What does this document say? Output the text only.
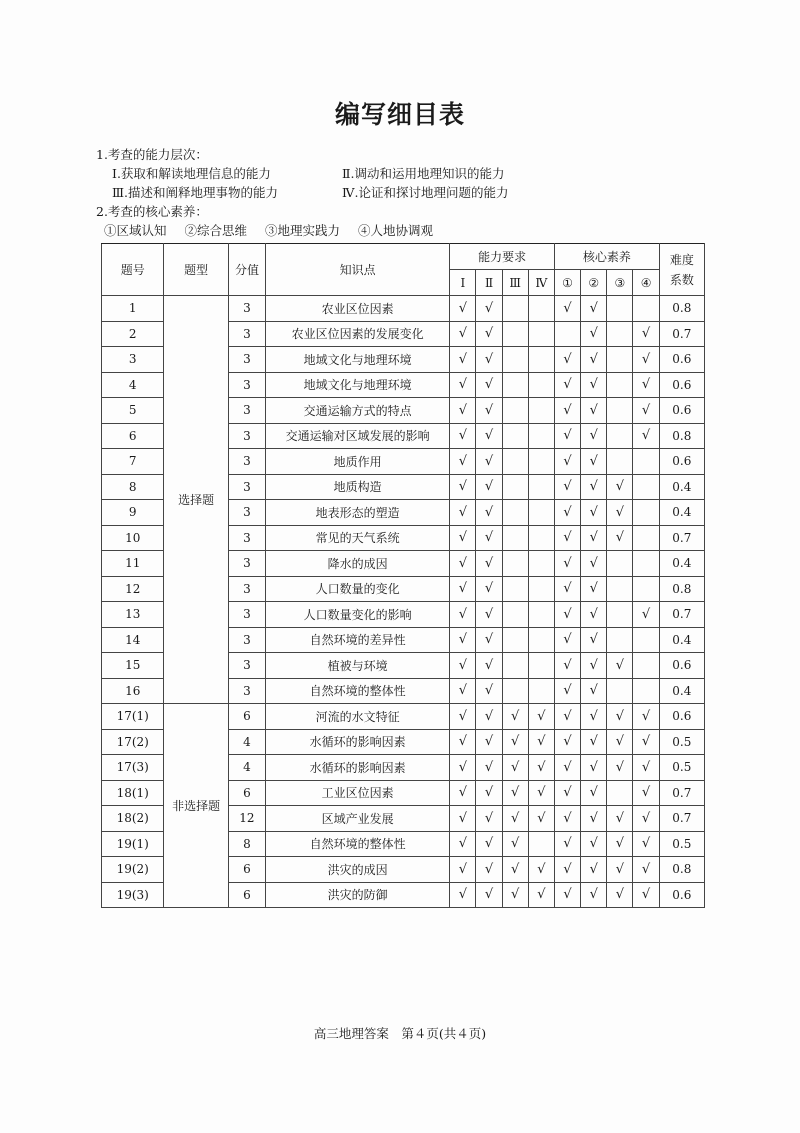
编写细目表
1.考查的能力层次：
Ⅰ.获取和解读地理信息的能力	Ⅱ.调动和运用地理知识的能力
Ⅲ.描述和阐释地理事物的能力	Ⅳ.论证和探讨地理问题的能力
2.考查的核心素养：
①区域认知 ②综合思维 ③地理实践力 ④人地协调观
题号	题型	分值	知识点	能力要求				核心素养				难度系数
				Ⅰ	Ⅱ	Ⅲ	Ⅳ	①	②	③	④	
1	选择题	3	农业区位因素	√	√			√	√			0.8
2		3	农业区位因素的发展变化	√	√				√		√	0.7
3		3	地域文化与地理环境	√	√			√	√		√	0.6
4		3	地域文化与地理环境	√	√			√	√		√	0.6
5		3	交通运输方式的特点	√	√			√	√		√	0.6
6		3	交通运输对区域发展的影响	√	√			√	√		√	0.8
7		3	地质作用	√	√			√	√			0.6
8		3	地质构造	√	√			√	√	√		0.4
9		3	地表形态的塑造	√	√			√	√	√		0.4
10		3	常见的天气系统	√	√			√	√	√		0.7
11		3	降水的成因	√	√			√	√			0.4
12		3	人口数量的变化	√	√			√	√			0.8
13		3	人口数量变化的影响	√	√			√	√		√	0.7
14		3	自然环境的差异性	√	√			√	√			0.4
15		3	植被与环境	√	√			√	√	√		0.6
16		3	自然环境的整体性	√	√			√	√			0.4
17(1)	非选择题	6	河流的水文特征	√	√	√	√	√	√	√	√	0.6
17(2)		4	水循环的影响因素	√	√	√	√	√	√	√	√	0.5
17(3)		4	水循环的影响因素	√	√	√	√	√	√	√	√	0.5
18(1)		6	工业区位因素	√	√	√	√	√	√		√	0.7
18(2)		12	区域产业发展	√	√	√	√	√	√	√	√	0.7
19(1)		8	自然环境的整体性	√	√	√		√	√	√	√	0.5
19(2)		6	洪灾的成因	√	√	√	√	√	√	√	√	0.8
19(3)		6	洪灾的防御	√	√	√	√	√	√	√	√	0.6
高三地理答案　第４页(共４页)
